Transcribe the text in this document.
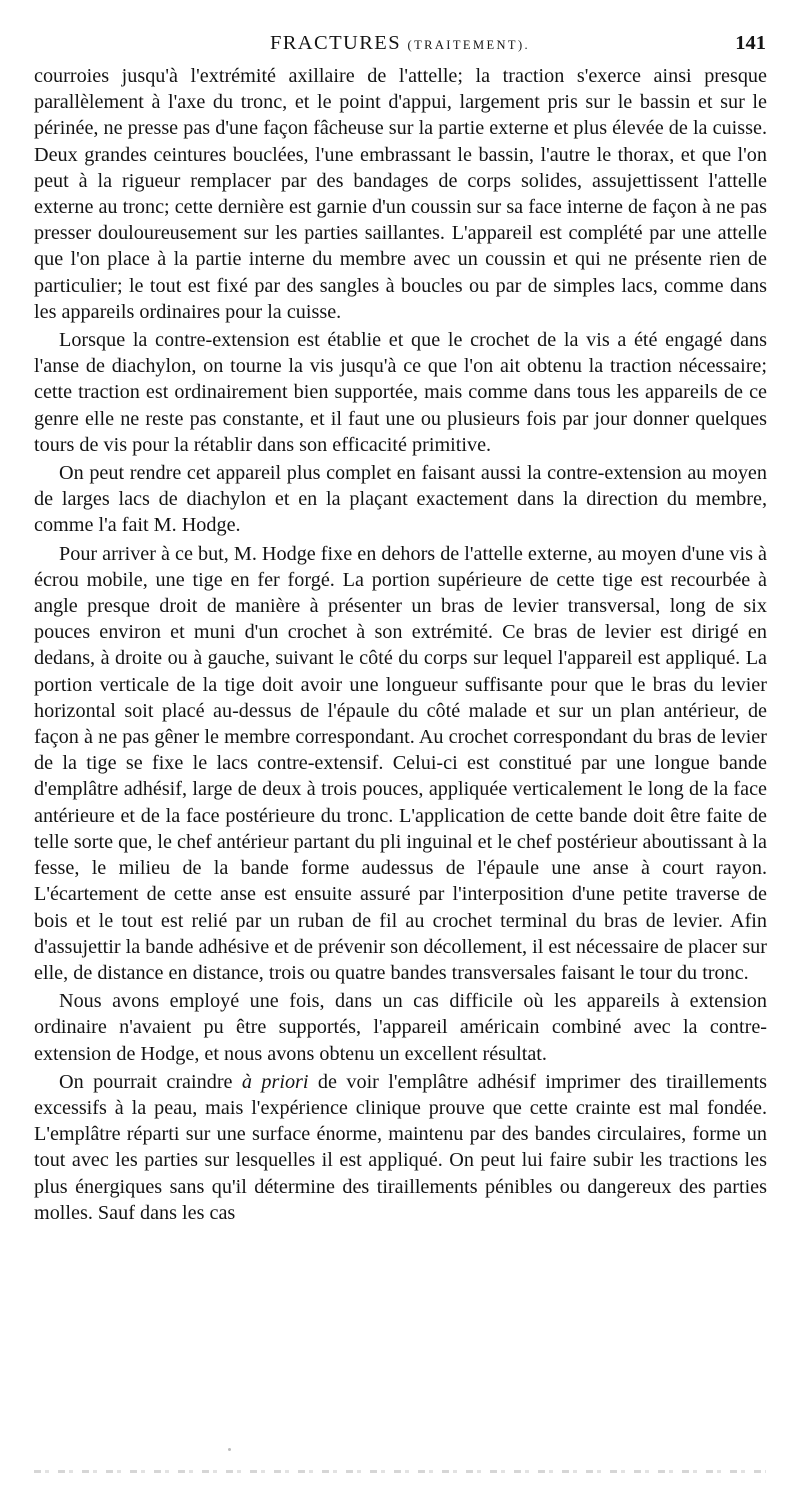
FRACTURES (TRAITEMENT).	141

courroies jusqu'à l'extrémité axillaire de l'attelle; la traction s'exerce ainsi presque parallèlement à l'axe du tronc, et le point d'appui, largement pris sur le bassin et sur le périnée, ne presse pas d'une façon fâcheuse sur la partie externe et plus élevée de la cuisse. Deux grandes ceintures bouclées, l'une embrassant le bassin, l'autre le thorax, et que l'on peut à la rigueur remplacer par des bandages de corps solides, assujettissent l'attelle externe au tronc; cette dernière est garnie d'un coussin sur sa face interne de façon à ne pas presser douloureusement sur les parties saillantes. L'appareil est complété par une attelle que l'on place à la partie interne du membre avec un coussin et qui ne présente rien de particulier; le tout est fixé par des sangles à boucles ou par de simples lacs, comme dans les appareils ordinaires pour la cuisse.

Lorsque la contre-extension est établie et que le crochet de la vis a été engagé dans l'anse de diachylon, on tourne la vis jusqu'à ce que l'on ait obtenu la traction nécessaire; cette traction est ordinairement bien supportée, mais comme dans tous les appareils de ce genre elle ne reste pas constante, et il faut une ou plusieurs fois par jour donner quelques tours de vis pour la rétablir dans son efficacité primitive.

On peut rendre cet appareil plus complet en faisant aussi la contre-extension au moyen de larges lacs de diachylon et en la plaçant exactement dans la direction du membre, comme l'a fait M. Hodge.

Pour arriver à ce but, M. Hodge fixe en dehors de l'attelle externe, au moyen d'une vis à écrou mobile, une tige en fer forgé. La portion supérieure de cette tige est recourbée à angle presque droit de manière à présenter un bras de levier transversal, long de six pouces environ et muni d'un crochet à son extrémité. Ce bras de levier est dirigé en dedans, à droite ou à gauche, suivant le côté du corps sur lequel l'appareil est appliqué. La portion verticale de la tige doit avoir une longueur suffisante pour que le bras du levier horizontal soit placé au-dessus de l'épaule du côté malade et sur un plan antérieur, de façon à ne pas gêner le membre correspondant. Au crochet correspondant du bras de levier de la tige se fixe le lacs contre-extensif. Celui-ci est constitué par une longue bande d'emplâtre adhésif, large de deux à trois pouces, appliquée verticalement le long de la face antérieure et de la face postérieure du tronc. L'application de cette bande doit être faite de telle sorte que, le chef antérieur partant du pli inguinal et le chef postérieur aboutissant à la fesse, le milieu de la bande forme audessus de l'épaule une anse à court rayon. L'écartement de cette anse est ensuite assuré par l'interposition d'une petite traverse de bois et le tout est relié par un ruban de fil au crochet terminal du bras de levier. Afin d'assujettir la bande adhésive et de prévenir son décollement, il est nécessaire de placer sur elle, de distance en distance, trois ou quatre bandes transversales faisant le tour du tronc.

Nous avons employé une fois, dans un cas difficile où les appareils à extension ordinaire n'avaient pu être supportés, l'appareil américain combiné avec la contre-extension de Hodge, et nous avons obtenu un excellent résultat.

On pourrait craindre à priori de voir l'emplâtre adhésif imprimer des tiraillements excessifs à la peau, mais l'expérience clinique prouve que cette crainte est mal fondée. L'emplâtre réparti sur une surface énorme, maintenu par des bandes circulaires, forme un tout avec les parties sur lesquelles il est appliqué. On peut lui faire subir les tractions les plus énergiques sans qu'il détermine des tiraillements pénibles ou dangereux des parties molles. Sauf dans les cas
